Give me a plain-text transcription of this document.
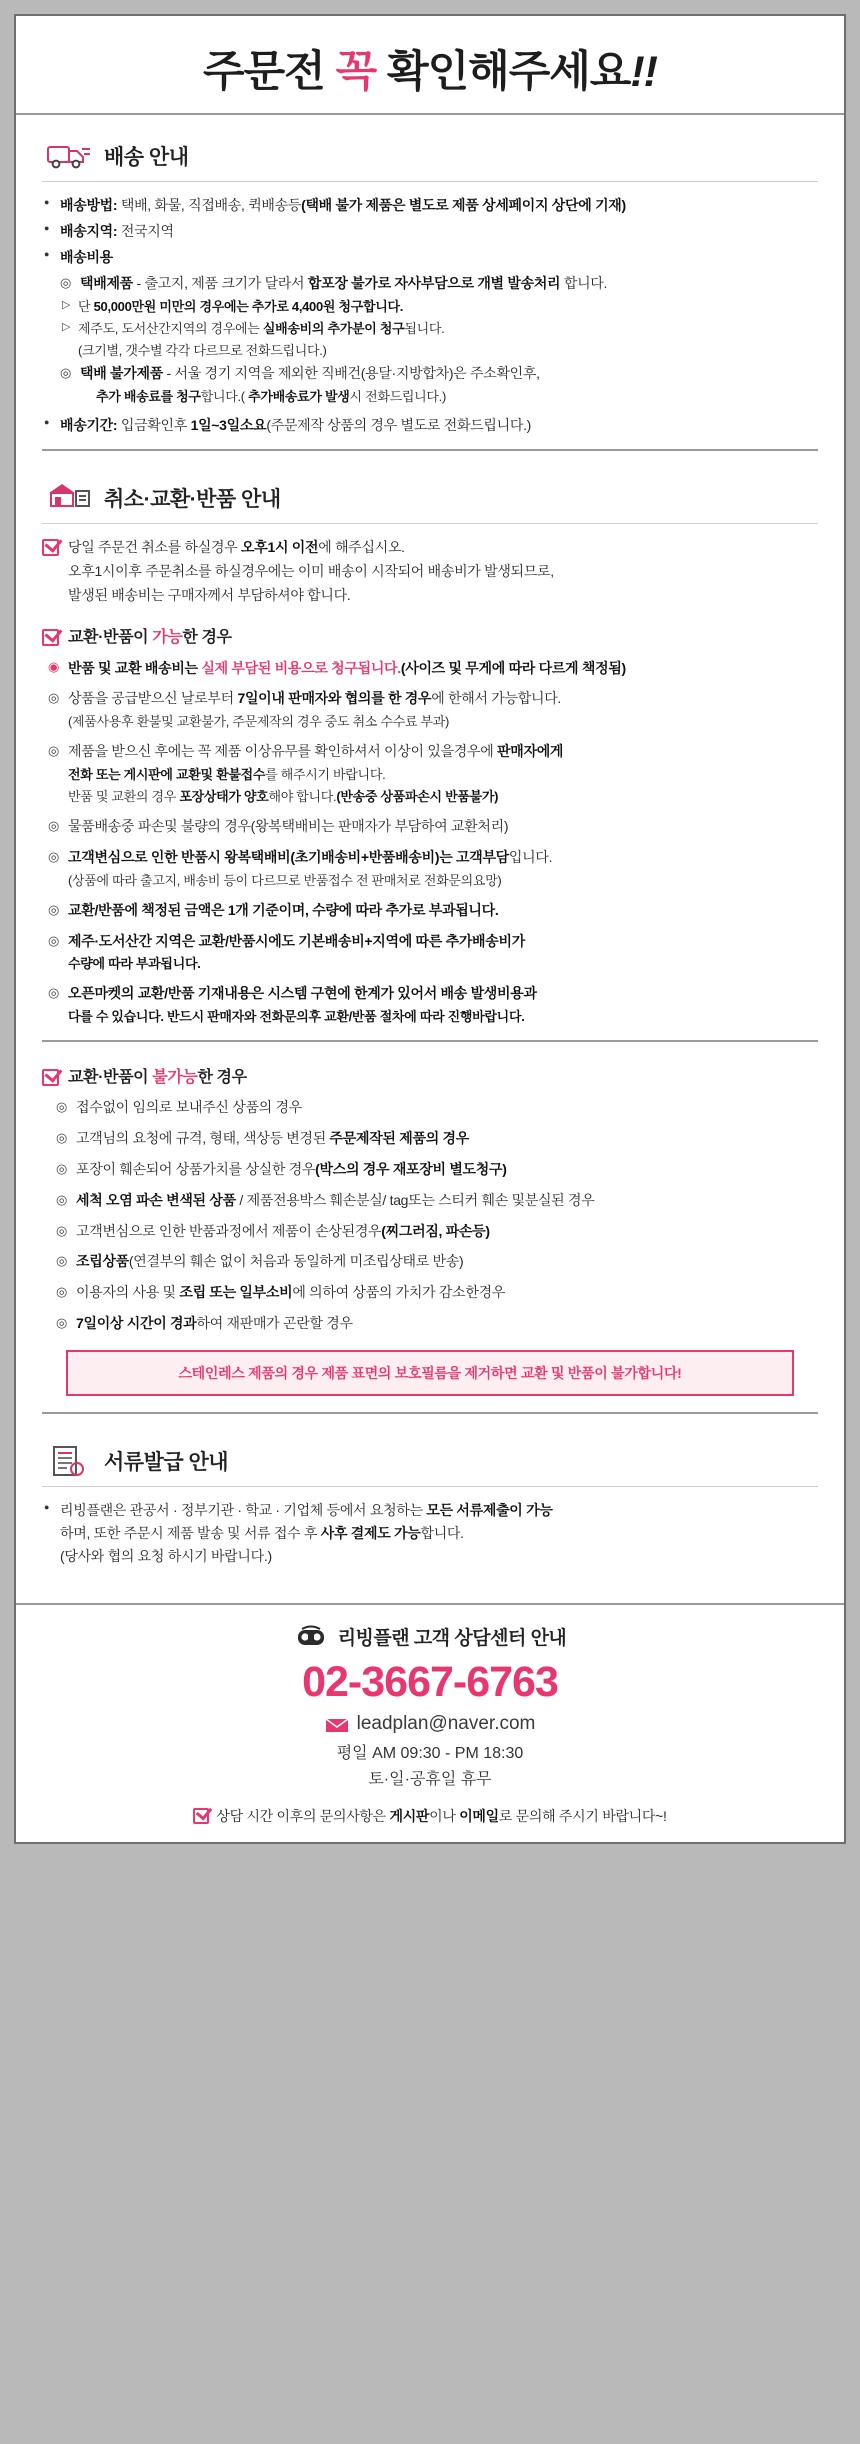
주문전 꼭 확인해주세요!!
배송 안내
● 배송방법: 택배, 화물, 직접배송, 퀵배송등(택배 불가 제품은 별도로 제품 상세페이지 상단에 기재)
● 배송지역: 전국지역
● 배송비용
◎ 택배제품 - 출고지, 제품 크기가 달라서 합포장 불가로 자사부담으로 개별 발송처리 합니다.
▷ 단 50,000만원 미만의 경우에는 추가로 4,400원 청구합니다.
▷ 제주도, 도서산간지역의 경우에는 실배송비의 추가분이 청구됩니다.
(크기별, 갯수별 각각 다르므로 전화드립니다.)
◎ 택배 불가제품 - 서울 경기 지역을 제외한 직배건(용달·지방합차)은 주소확인후,
추가 배송료를 청구합니다.( 추가배송료가 발생시 전화드립니다.)
● 배송기간: 입금확인후 1일~3일소요(주문제작 상품의 경우 별도로 전화드립니다.)
취소·교환·반품 안내
당일 주문건 취소를 하실경우 오후1시 이전에 해주십시오.
오후1시이후 주문취소를 하실경우에는 이미 배송이 시작되어 배송비가 발생되므로,
발생된 배송비는 구매자께서 부담하셔야 합니다.
교환·반품이 가능한 경우
◉ 반품 및 교환 배송비는 실제 부담된 비용으로 청구됩니다.(사이즈 및 무게에 따라 다르게 책정됨)
◎ 상품을 공급받으신 날로부터 7일이내 판매자와 협의를 한 경우에 한해서 가능합니다.
(제품사용후 환불및 교환불가, 주문제작의 경우 중도 취소 수수료 부과)
◎ 제품을 받으신 후에는 꼭 제품 이상유무를 확인하셔서 이상이 있을경우에 판매자에게
전화 또는 게시판에 교환및 환불접수를 해주시기 바랍니다.
반품 및 교환의 경우 포장상태가 양호해야 합니다.(반송중 상품파손시 반품불가)
◎ 물품배송중 파손및 불량의 경우(왕복택배비는 판매자가 부담하여 교환처리)
◎ 고객변심으로 인한 반품시 왕복택배비(초기배송비+반품배송비)는 고객부담입니다.
(상품에 따라 출고지, 배송비 등이 다르므로 반품접수 전 판매처로 전화문의요망)
◎ 교환/반품에 책정된 금액은 1개 기준이며, 수량에 따라 추가로 부과됩니다.
◎ 제주·도서산간 지역은 교환/반품시에도 기본배송비+지역에 따른 추가배송비가
수량에 따라 부과됩니다.
◎ 오픈마켓의 교환/반품 기재내용은 시스템 구현에 한계가 있어서 배송 발생비용과
다를 수 있습니다. 반드시 판매자와 전화문의후 교환/반품 절차에 따라 진행바랍니다.
교환·반품이 불가능한 경우
◎ 접수없이 임의로 보내주신 상품의 경우
◎ 고객님의 요청에 규격, 형태, 색상등 변경된 주문제작된 제품의 경우
◎ 포장이 훼손되어 상품가치를 상실한 경우(박스의 경우 재포장비 별도청구)
◎ 세척 오염 파손 변색된 상품 / 제품전용박스 훼손분실/ tag또는 스티커 훼손 및분실된 경우
◎ 고객변심으로 인한 반품과정에서 제품이 손상된경우(찌그러짐, 파손등)
◎ 조립상품(연결부의 훼손 없이 처음과 동일하게 미조립상태로 반송)
◎ 이용자의 사용 및 조립 또는 일부소비에 의하여 상품의 가치가 감소한경우
◎ 7일이상 시간이 경과하여 재판매가 곤란할 경우
스테인레스 제품의 경우 제품 표면의 보호필름을 제거하면 교환 및 반품이 불가합니다!
서류발급 안내
● 리빙플랜은 관공서 · 정부기관 · 학교 · 기업체 등에서 요청하는 모든 서류제출이 가능
하며, 또한 주문시 제품 발송 및 서류 접수 후 사후 결제도 가능합니다.
(당사와 협의 요청 하시기 바랍니다.)
리빙플랜 고객 상담센터 안내
02-3667-6763
leadplan@naver.com
평일 AM 09:30 - PM 18:30
토·일·공휴일 휴무
상담 시간 이후의 문의사항은 게시판이나 이메일로 문의해 주시기 바랍니다~!
